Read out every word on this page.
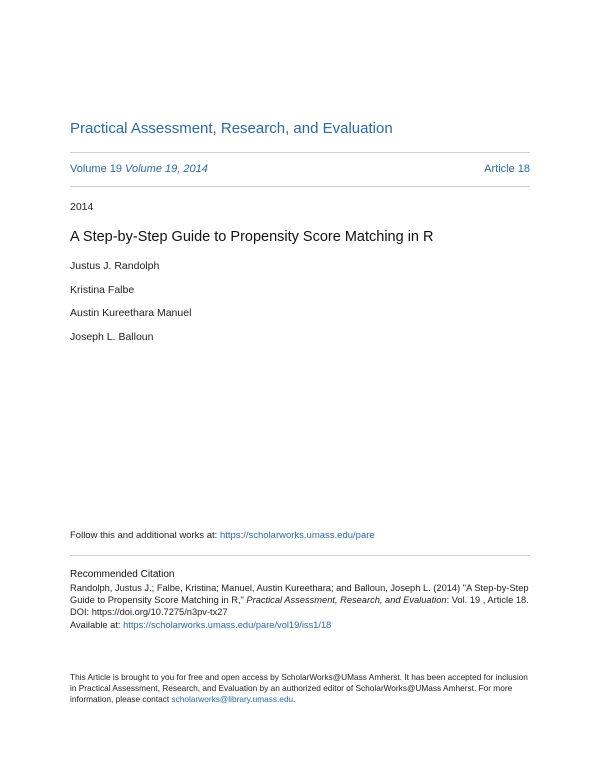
Practical Assessment, Research, and Evaluation
Volume 19 Volume 19, 2014	Article 18
2014
A Step-by-Step Guide to Propensity Score Matching in R
Justus J. Randolph
Kristina Falbe
Austin Kureethara Manuel
Joseph L. Balloun
Follow this and additional works at: https://scholarworks.umass.edu/pare
Recommended Citation

Randolph, Justus J.; Falbe, Kristina; Manuel, Austin Kureethara; and Balloun, Joseph L. (2014) "A Step-by-Step Guide to Propensity Score Matching in R," Practical Assessment, Research, and Evaluation: Vol. 19 , Article 18.

DOI: https://doi.org/10.7275/n3pv-tx27

Available at: https://scholarworks.umass.edu/pare/vol19/iss1/18

This Article is brought to you for free and open access by ScholarWorks@UMass Amherst. It has been accepted for inclusion in Practical Assessment, Research, and Evaluation by an authorized editor of ScholarWorks@UMass Amherst. For more information, please contact scholarworks@library.umass.edu.
